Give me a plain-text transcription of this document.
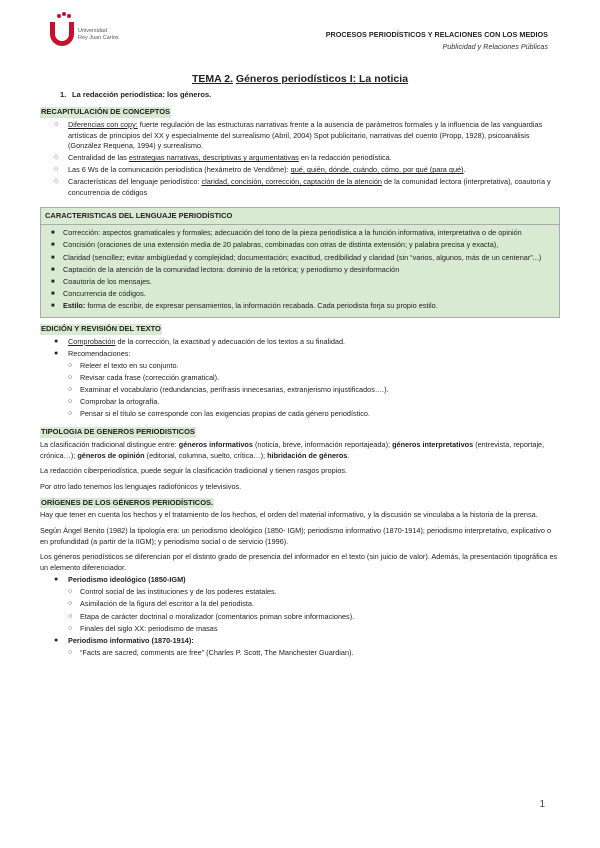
Universidad
Rey Juan Carlos	PROCESOS PERIODÍSTICOS Y RELACIONES CON LOS MEDIOS
Publicidad y Relaciones Públicas
TEMA 2. Géneros periodísticos I: La noticia
1. La redacción periodística: los géneros.
RECAPITULACIÓN DE CONCEPTOS
○ Diferencias con copy: fuerte regulación de las estructuras narrativas frente a la ausencia de parámetros formales y la influencia de las vanguardias artísticas de principios del XX y especialmente del surrealismo (Abril, 2004) Spot publicitario, narrativas del cuento (Propp, 1928), psicoanálisis (González Requena, 1994) y surrealismo.
○ Centralidad de las estrategias narrativas, descriptivas y argumentativas en la redacción periodística.
○ Las 6 Ws de la comunicación periodística (hexámetro de Vendôme): qué, quién, dónde, cuándo, cómo, por qué (para qué).
○ Características del lenguaje periodístico: claridad, concisión, corrección, captación de la atención de la comunidad lectora (interpretativa), coautoría y concurrencia de códigos
CARACTERISTICAS DEL LENGUAJE PERIODÍSTICO
■ Corrección: aspectos gramaticales y formales; adecuación del tono de la pieza periodística a la función informativa, interpretativa o de opinión
■ Concisión (oraciones de una extensión media de 20 palabras, combinadas con otras de distinta extensión; y palabra precisa y exacta),
■ Claridad (sencillez; evitar ambigüedad y complejidad; documentación; exactitud, credibilidad y claridad (sin “varios, algunos, más de un centenar”...)
■ Captación de la atención de la comunidad lectora: dominio de la retórica; y periodismo y desinformación
■ Coautoría de los mensajes.
■ Concurrencia de códigos.
■ Estilo: forma de escribir, de expresar pensamientos, la información recabada. Cada periodista forja su propio estilo.
EDICIÓN Y REVISIÓN DEL TEXTO
● Comprobación de la corrección, la exactitud y adecuación de los textos a su finalidad.
● Recomendaciones:
○ Releer el texto en su conjunto.
○ Revisar cada frase (corrección gramatical).
○ Examinar el vocabulario (redundancias, perífrasis innecesarias, extranjerismo injustificados….).
○ Comprobar la ortografía.
○ Pensar si el título se corresponde con las exigencias propias de cada género periodístico.
TIPOLOGIA DE GENEROS PERIODISTICOS

La clasificación tradicional distingue entre: géneros informativos (noticia, breve, información reportajeada); géneros interpretativos (entrevista, reportaje, crónica…); géneros de opinión (editorial, columna, suelto, crítica…); hibridación de géneros.

La redacción ciberperiodística, puede seguir la clasificación tradicional y tienen rasgos propios.

Por otro lado tenemos los lenguajes radiofónicos y televisivos.

ORÍGENES DE LOS GÉNEROS PERIODÍSTICOS.

Hay que tener en cuenta los hechos y el tratamiento de los hechos, el orden del material informativo, y la discusión se vinculaba a la historia de la prensa.

Según Ángel Benito (1982) la tipología era: un periodismo ideológico (1850- IGM); periodismo informativo (1870-1914); periodismo interpretativo, explicativo o en profundidad (a partir de la IIGM); y periodismo social o de servicio (1996).

Los géneros periodísticos se diferencian por el distinto grado de presencia del informador en el texto (sin juicio de valor). Además, la presentación tipográfica es un elemento diferenciador.

● Periodismo ideológico (1850-IGM)
○ Control social de las instituciones y de los poderes estatales.
○ Asimilación de la figura del escritor a la del periodista.
○ Etapa de carácter doctrinal o moralizador (comentarios priman sobre informaciones).
○ Finales del siglo XX: periodismo de masas
● Periodismo informativo (1870-1914):
○ “Facts are sacred, comments are free” (Charles P. Scott, The Manchester Guardian).
1
